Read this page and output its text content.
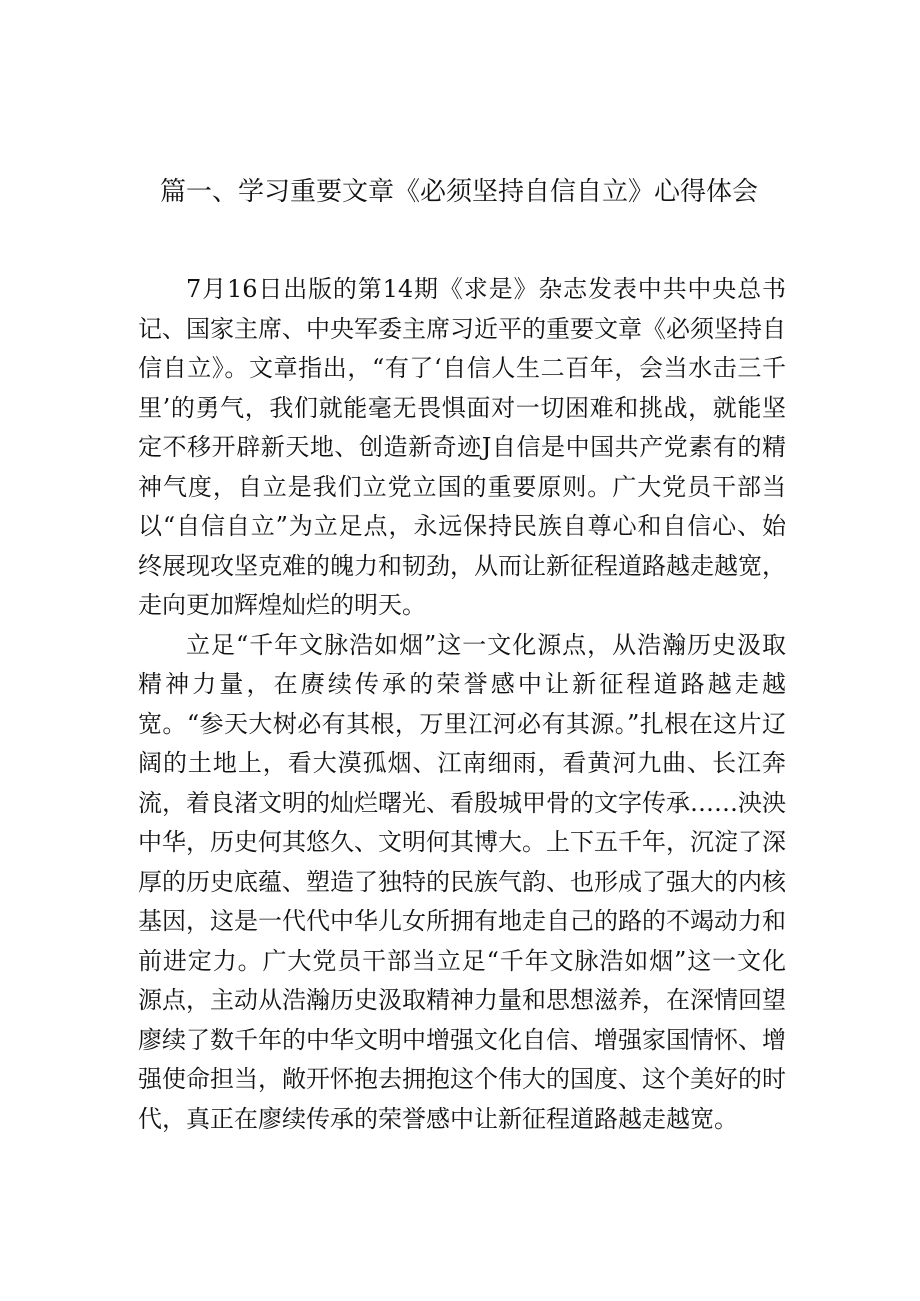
篇一、学习重要文章《必须坚持自信自立》心得体会

7月16日出版的第14期《求是》杂志发表中共中央总书记、国家主席、中央军委主席习近平的重要文章《必须坚持自信自立》。文章指出，“有了‘自信人生二百年，会当水击三千里’的勇气，我们就能毫无畏惧面对一切困难和挑战，就能坚定不移开辟新天地、创造新奇迹J自信是中国共产党素有的精神气度，自立是我们立党立国的重要原则。广大党员干部当以“自信自立”为立足点，永远保持民族自尊心和自信心、始终展现攻坚克难的魄力和韧劲，从而让新征程道路越走越宽，走向更加辉煌灿烂的明天。

立足“千年文脉浩如烟”这一文化源点，从浩瀚历史汲取精神力量，在赓续传承的荣誉感中让新征程道路越走越宽。“参天大树必有其根，万里江河必有其源。”扎根在这片辽阔的土地上，看大漠孤烟、江南细雨，看黄河九曲、长江奔流，着良渚文明的灿烂曙光、看殷城甲骨的文字传承……泱泱中华，历史何其悠久、文明何其博大。上下五千年，沉淀了深厚的历史底蕴、塑造了独特的民族气韵、也形成了强大的内核基因，这是一代代中华儿女所拥有地走自己的路的不竭动力和前进定力。广大党员干部当立足“千年文脉浩如烟”这一文化源点，主动从浩瀚历史汲取精神力量和思想滋养，在深情回望廖续了数千年的中华文明中增强文化自信、增强家国情怀、增强使命担当，敞开怀抱去拥抱这个伟大的国度、这个美好的时代，真正在廖续传承的荣誉感中让新征程道路越走越宽。
